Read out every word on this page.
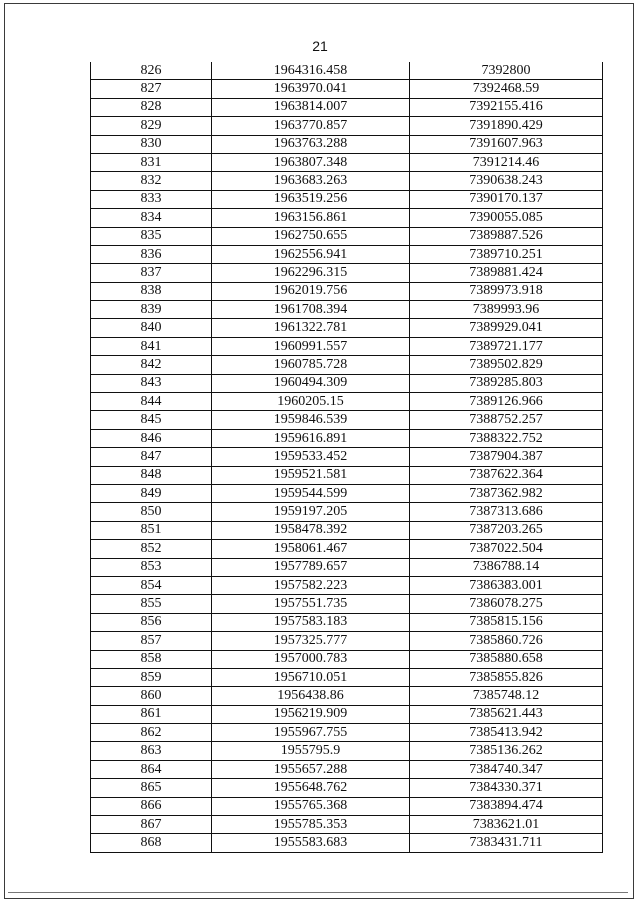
21
826	1964316.458	7392800
827	1963970.041	7392468.59
828	1963814.007	7392155.416
829	1963770.857	7391890.429
830	1963763.288	7391607.963
831	1963807.348	7391214.46
832	1963683.263	7390638.243
833	1963519.256	7390170.137
834	1963156.861	7390055.085
835	1962750.655	7389887.526
836	1962556.941	7389710.251
837	1962296.315	7389881.424
838	1962019.756	7389973.918
839	1961708.394	7389993.96
840	1961322.781	7389929.041
841	1960991.557	7389721.177
842	1960785.728	7389502.829
843	1960494.309	7389285.803
844	1960205.15	7389126.966
845	1959846.539	7388752.257
846	1959616.891	7388322.752
847	1959533.452	7387904.387
848	1959521.581	7387622.364
849	1959544.599	7387362.982
850	1959197.205	7387313.686
851	1958478.392	7387203.265
852	1958061.467	7387022.504
853	1957789.657	7386788.14
854	1957582.223	7386383.001
855	1957551.735	7386078.275
856	1957583.183	7385815.156
857	1957325.777	7385860.726
858	1957000.783	7385880.658
859	1956710.051	7385855.826
860	1956438.86	7385748.12
861	1956219.909	7385621.443
862	1955967.755	7385413.942
863	1955795.9	7385136.262
864	1955657.288	7384740.347
865	1955648.762	7384330.371
866	1955765.368	7383894.474
867	1955785.353	7383621.01
868	1955583.683	7383431.711
